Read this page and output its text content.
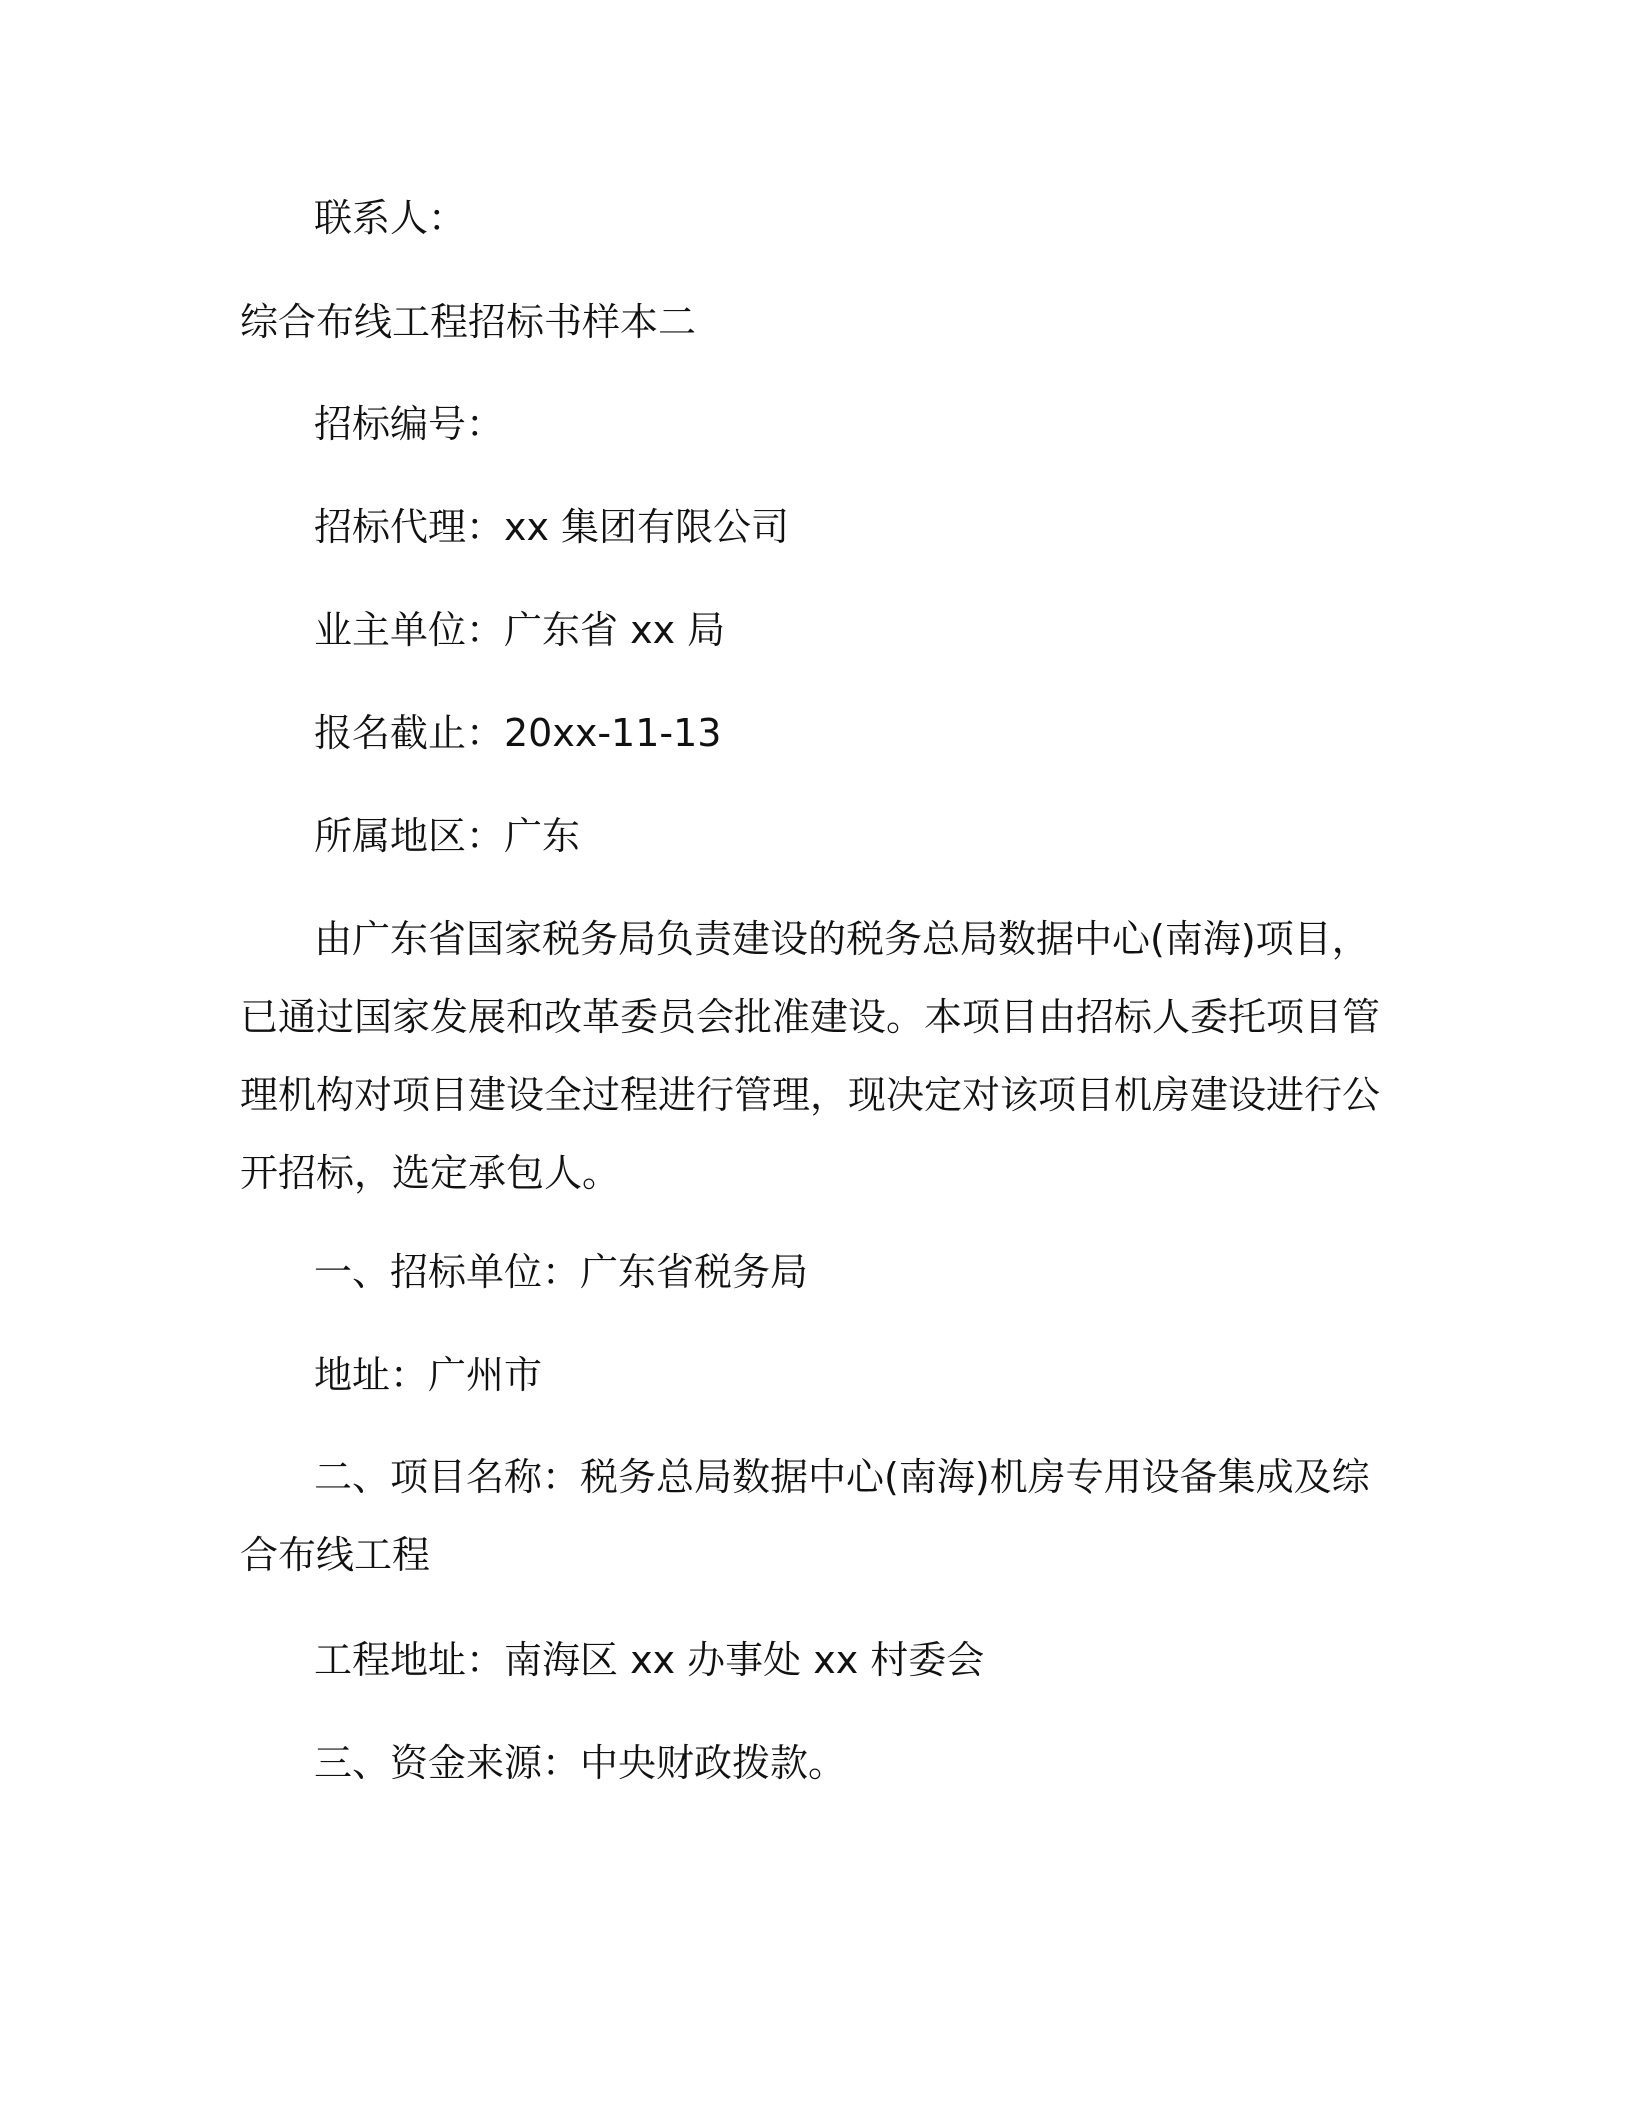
联系人：
综合布线工程招标书样本二
招标编号：
招标代理：xx 集团有限公司
业主单位：广东省 xx 局
报名截止：20xx-11-13
所属地区：广东

由广东省国家税务局负责建设的税务总局数据中心(南海)项目，已通过国家发展和改革委员会批准建设。本项目由招标人委托项目管理机构对项目建设全过程进行管理，现决定对该项目机房建设进行公开招标，选定承包人。

一、招标单位：广东省税务局
地址：广州市

二、项目名称：税务总局数据中心(南海)机房专用设备集成及综合布线工程

工程地址：南海区 xx 办事处 xx 村委会
三、资金来源：中央财政拨款。
